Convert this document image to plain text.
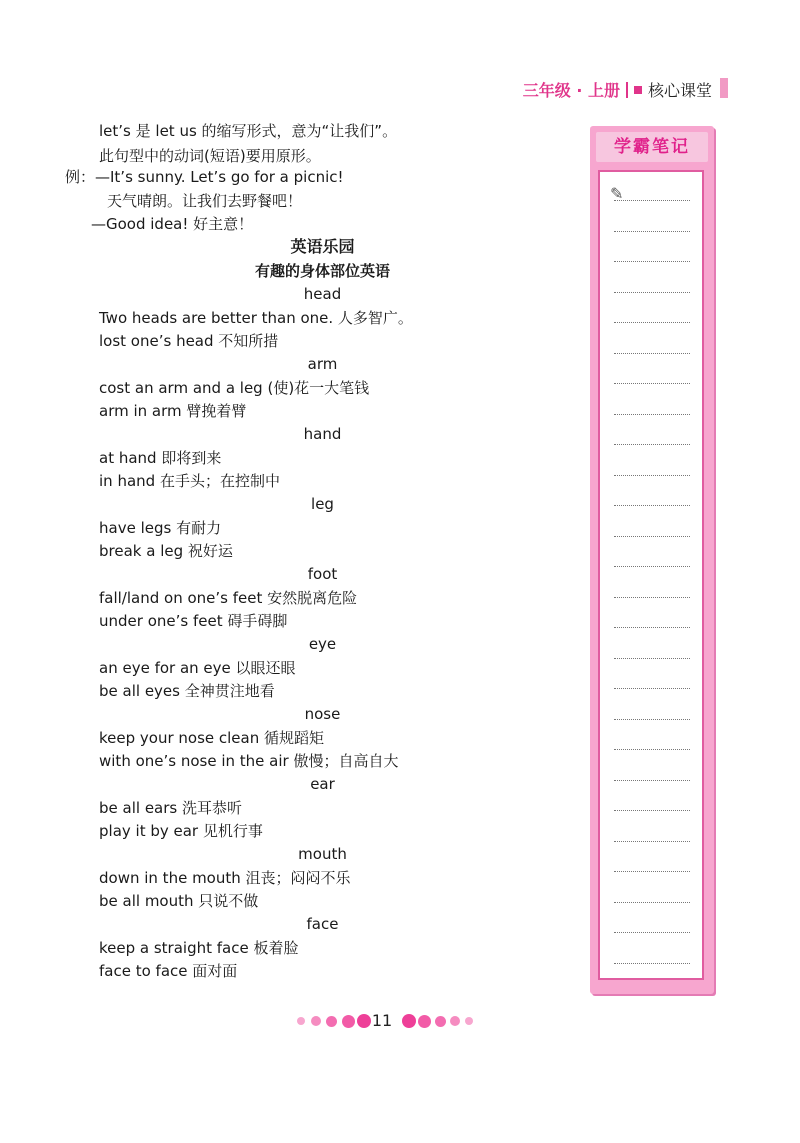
三年级 · 上册 核心课堂
let’s 是 let us 的缩写形式，意为“让我们”。
此句型中的动词(短语)要用原形。
例：—It’s sunny. Let’s go for a picnic!
天气晴朗。让我们去野餐吧！
—Good idea! 好主意！
英语乐园
有趣的身体部位英语
head
Two heads are better than one. 人多智广。
lost one’s head 不知所措
arm
cost an arm and a leg (使)花一大笔钱
arm in arm 臂挽着臂
hand
at hand 即将到来
in hand 在手头；在控制中
leg
have legs 有耐力
break a leg 祝好运
foot
fall/land on one’s feet 安然脱离危险
under one’s feet 碍手碍脚
eye
an eye for an eye 以眼还眼
be all eyes 全神贯注地看
nose
keep your nose clean 循规蹈矩
with one’s nose in the air 傲慢；自高自大
ear
be all ears 洗耳恭听
play it by ear 见机行事
mouth
down in the mouth 沮丧；闷闷不乐
be all mouth 只说不做
face
keep a straight face 板着脸
face to face 面对面
学霸笔记
✎
11
